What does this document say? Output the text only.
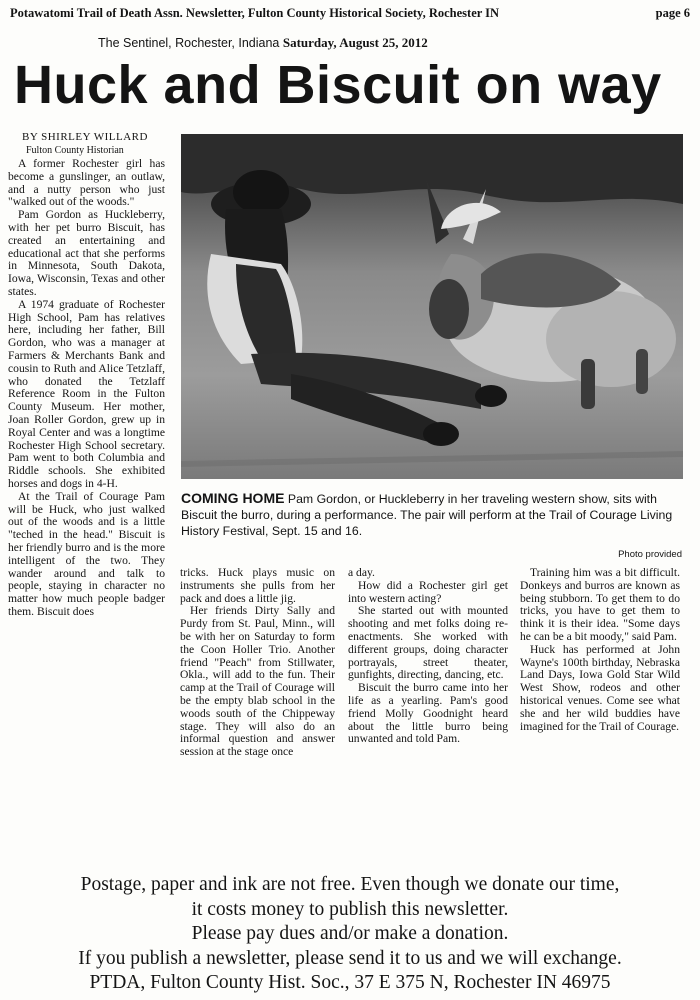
Potawatomi Trail of Death Assn. Newsletter, Fulton County Historical Society, Rochester IN	page 6
The Sentinel, Rochester, Indiana Saturday, August 25, 2012
Huck and Biscuit on way
BY SHIRLEY WILLARD
Fulton County Historian

A former Rochester girl has become a gunslinger, an outlaw, and a nutty person who just "walked out of the woods."

Pam Gordon as Huckleberry, with her pet burro Biscuit, has created an entertaining and educational act that she performs in Minnesota, South Dakota, Iowa, Wisconsin, Texas and other states.

A 1974 graduate of Rochester High School, Pam has relatives here, including her father, Bill Gordon, who was a manager at Farmers & Merchants Bank and cousin to Ruth and Alice Tetzlaff, who donated the Tetzlaff Reference Room in the Fulton County Museum. Her mother, Joan Roller Gordon, grew up in Royal Center and was a longtime Rochester High School secretary. Pam went to both Columbia and Riddle schools. She exhibited horses and dogs in 4-H.

At the Trail of Courage Pam will be Huck, who just walked out of the woods and is a little "teched in the head." Biscuit is her friendly burro and is the more intelligent of the two. They wander around and talk to people, staying in character no matter how much people badger them. Biscuit does

COMING HOME Pam Gordon, or Huckleberry in her traveling western show, sits with Biscuit the burro, during a performance. The pair will perform at the Trail of Courage Living History Festival, Sept. 15 and 16.

Photo provided

tricks. Huck plays music on instruments she pulls from her pack and does a little jig.

Her friends Dirty Sally and Purdy from St. Paul, Minn., will be with her on Saturday to form the Coon Holler Trio. Another friend "Peach" from Stillwater, Okla., will add to the fun. Their camp at the Trail of Courage will be the empty blab school in the woods south of the Chippeway stage. They will also do an informal question and answer session at the stage once

a day.

How did a Rochester girl get into western acting?

She started out with mounted shooting and met folks doing re-enactments. She worked with different groups, doing character portrayals, street theater, gunfights, directing, dancing, etc.

Biscuit the burro came into her life as a yearling. Pam's good friend Molly Goodnight heard about the little burro being unwanted and told Pam.

Training him was a bit difficult. Donkeys and burros are known as being stubborn. To get them to do tricks, you have to get them to think it is their idea. "Some days he can be a bit moody," said Pam.

Huck has performed at John Wayne's 100th birthday, Nebraska Land Days, Iowa Gold Star Wild West Show, rodeos and other historical venues. Come see what she and her wild buddies have imagined for the Trail of Courage.

Postage, paper and ink are not free. Even though we donate our time,
it costs money to publish this newsletter.
Please pay dues and/or make a donation.
If you publish a newsletter, please send it to us and we will exchange.
PTDA, Fulton County Hist. Soc., 37 E 375 N, Rochester IN 46975
